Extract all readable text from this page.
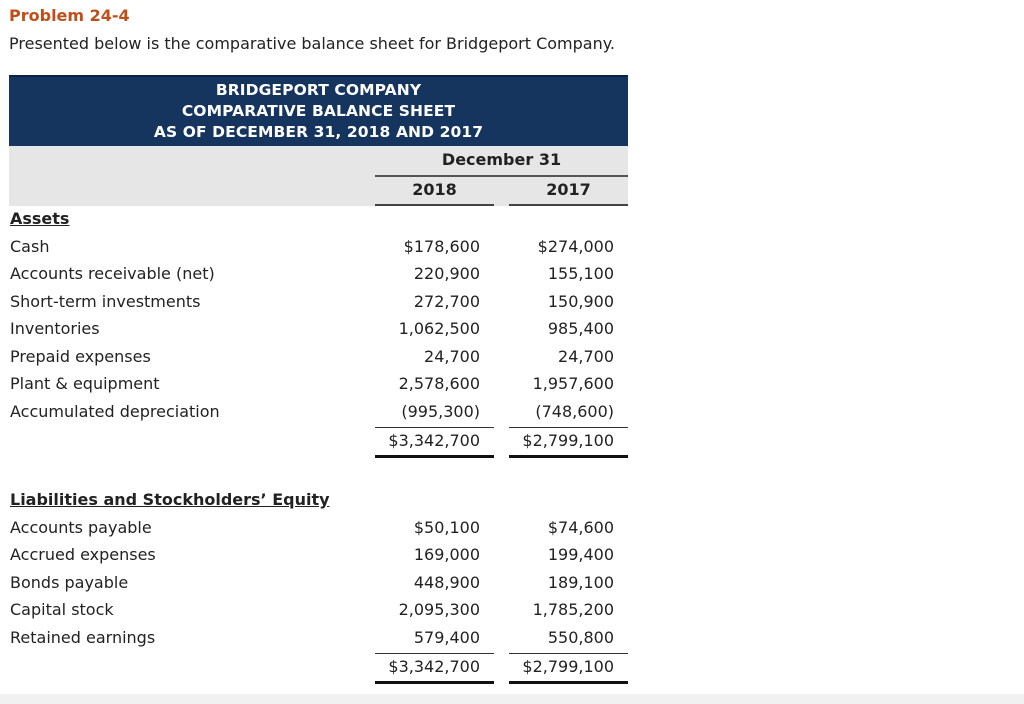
Problem 24-4
Presented below is the comparative balance sheet for Bridgeport Company.
BRIDGEPORT COMPANY
COMPARATIVE BALANCE SHEET
AS OF DECEMBER 31, 2018 AND 2017
December 31
2018	2017
Assets
Cash	$178,600	$274,000
Accounts receivable (net)	220,900	155,100
Short-term investments	272,700	150,900
Inventories	1,062,500	985,400
Prepaid expenses	24,700	24,700
Plant & equipment	2,578,600	1,957,600
Accumulated depreciation	(995,300)	(748,600)
$3,342,700	$2,799,100
Liabilities and Stockholders’ Equity
Accounts payable	$50,100	$74,600
Accrued expenses	169,000	199,400
Bonds payable	448,900	189,100
Capital stock	2,095,300	1,785,200
Retained earnings	579,400	550,800
$3,342,700	$2,799,100
